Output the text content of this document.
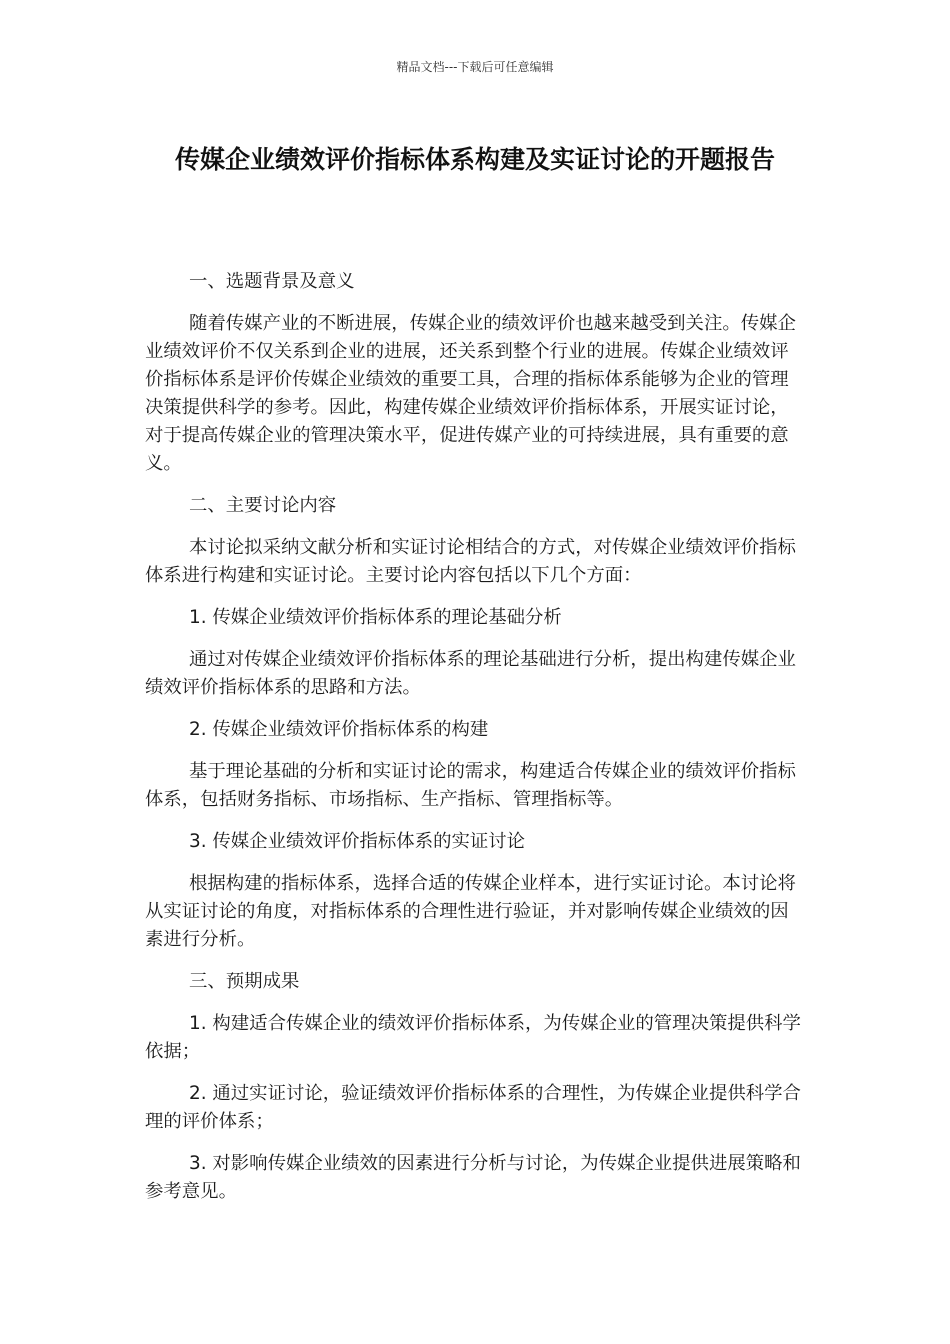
精品文档---下载后可任意编辑
传媒企业绩效评价指标体系构建及实证讨论的开题报告

一、选题背景及意义

随着传媒产业的不断进展，传媒企业的绩效评价也越来越受到关注。传媒企业绩效评价不仅关系到企业的进展，还关系到整个行业的进展。传媒企业绩效评价指标体系是评价传媒企业绩效的重要工具，合理的指标体系能够为企业的管理决策提供科学的参考。因此，构建传媒企业绩效评价指标体系，开展实证讨论，对于提高传媒企业的管理决策水平，促进传媒产业的可持续进展，具有重要的意义。

二、主要讨论内容

本讨论拟采纳文献分析和实证讨论相结合的方式，对传媒企业绩效评价指标体系进行构建和实证讨论。主要讨论内容包括以下几个方面：

1. 传媒企业绩效评价指标体系的理论基础分析

通过对传媒企业绩效评价指标体系的理论基础进行分析，提出构建传媒企业绩效评价指标体系的思路和方法。

2. 传媒企业绩效评价指标体系的构建

基于理论基础的分析和实证讨论的需求，构建适合传媒企业的绩效评价指标体系，包括财务指标、市场指标、生产指标、管理指标等。

3. 传媒企业绩效评价指标体系的实证讨论

根据构建的指标体系，选择合适的传媒企业样本，进行实证讨论。本讨论将从实证讨论的角度，对指标体系的合理性进行验证，并对影响传媒企业绩效的因素进行分析。

三、预期成果

1. 构建适合传媒企业的绩效评价指标体系，为传媒企业的管理决策提供科学依据；

2. 通过实证讨论，验证绩效评价指标体系的合理性，为传媒企业提供科学合理的评价体系；

3. 对影响传媒企业绩效的因素进行分析与讨论，为传媒企业提供进展策略和参考意见。
